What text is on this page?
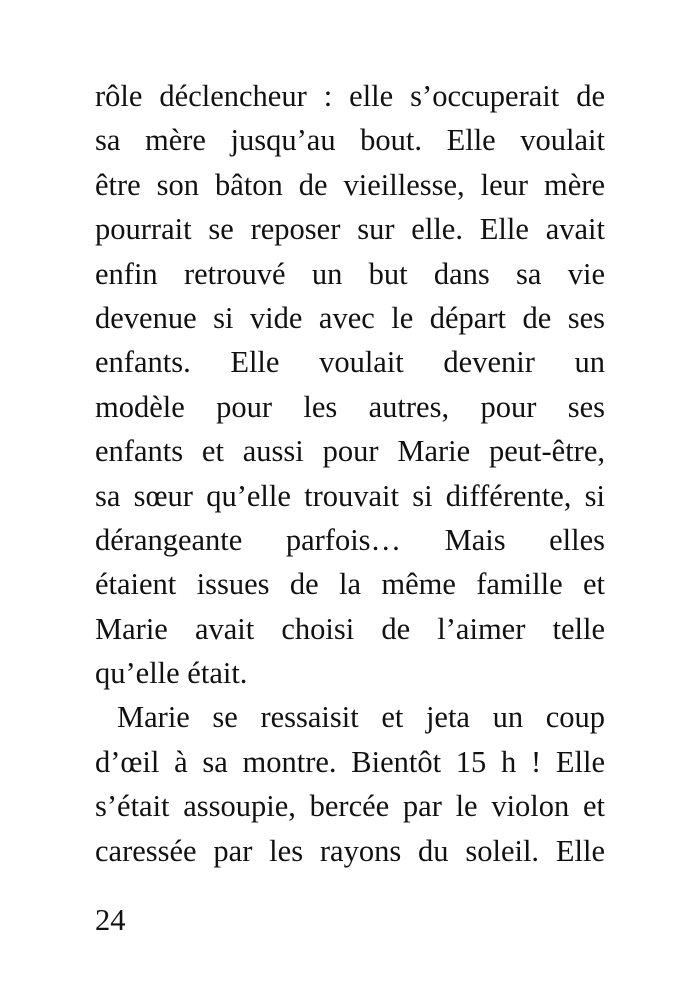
rôle déclencheur : elle s’occuperait de
sa mère jusqu’au bout. Elle voulait
être son bâton de vieillesse, leur mère
pourrait se reposer sur elle. Elle avait
enfin retrouvé un but dans sa vie
devenue si vide avec le départ de ses
enfants. Elle voulait devenir un
modèle pour les autres, pour ses
enfants et aussi pour Marie peut-être,
sa sœur qu’elle trouvait si différente, si
dérangeante parfois… Mais elles
étaient issues de la même famille et
Marie avait choisi de l’aimer telle
qu’elle était.
Marie se ressaisit et jeta un coup
d’œil à sa montre. Bientôt 15 h ! Elle
s’était assoupie, bercée par le violon et
caressée par les rayons du soleil. Elle
24
